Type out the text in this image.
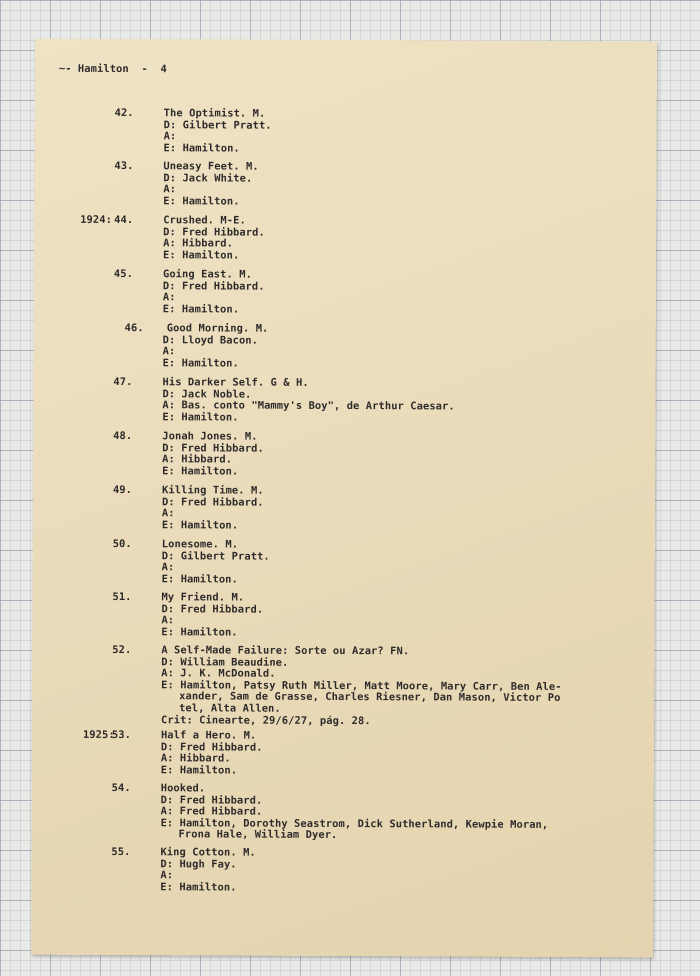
~- Hamilton  -  4
42.	The Optimist. M.
D: Gilbert Pratt.
A:
E: Hamilton.
43.	Uneasy Feet. M.
D: Jack White.
A:
E: Hamilton.
1924: 44.	Crushed. M-E.
D: Fred Hibbard.
A: Hibbard.
E: Hamilton.
45.	Going East. M.
D: Fred Hibbard.
A:
E: Hamilton.
46. Good Morning. M.
D: Lloyd Bacon.
A:
E: Hamilton.
47.	His Darker Self. G & H.
D: Jack Noble.
A: Bas. conto "Mammy's Boy", de Arthur Caesar.
E: Hamilton.
48.	Jonah Jones. M.
D: Fred Hibbard.
A: Hibbard.
E: Hamilton.
49.	Killing Time. M.
D: Fred Hibbard.
A:
E: Hamilton.
50.	Lonesome. M.
D: Gilbert Pratt.
A:
E: Hamilton.
51.	My Friend. M.
D: Fred Hibbard.
A:
E: Hamilton.
52.	A Self-Made Failure: Sorte ou Azar? FN.
D: William Beaudine.
A: J. K. McDonald.
E: Hamilton, Patsy Ruth Miller, Matt Moore, Mary Carr, Ben Ale-
xander, Sam de Grasse, Charles Riesner, Dan Mason, Victor Po
tel, Alta Allen.
Crit: Cinearte, 29/6/27, pág. 28.
1925:
53.	Half a Hero. M.
D: Fred Hibbard.
A: Hibbard.
E: Hamilton.
54.	Hooked.
D: Fred Hibbard.
A: Fred Hibbard.
E: Hamilton, Dorothy Seastrom, Dick Sutherland, Kewpie Moran,
Frona Hale, William Dyer.
55.	King Cotton. M.
D: Hugh Fay.
A:
E: Hamilton.
